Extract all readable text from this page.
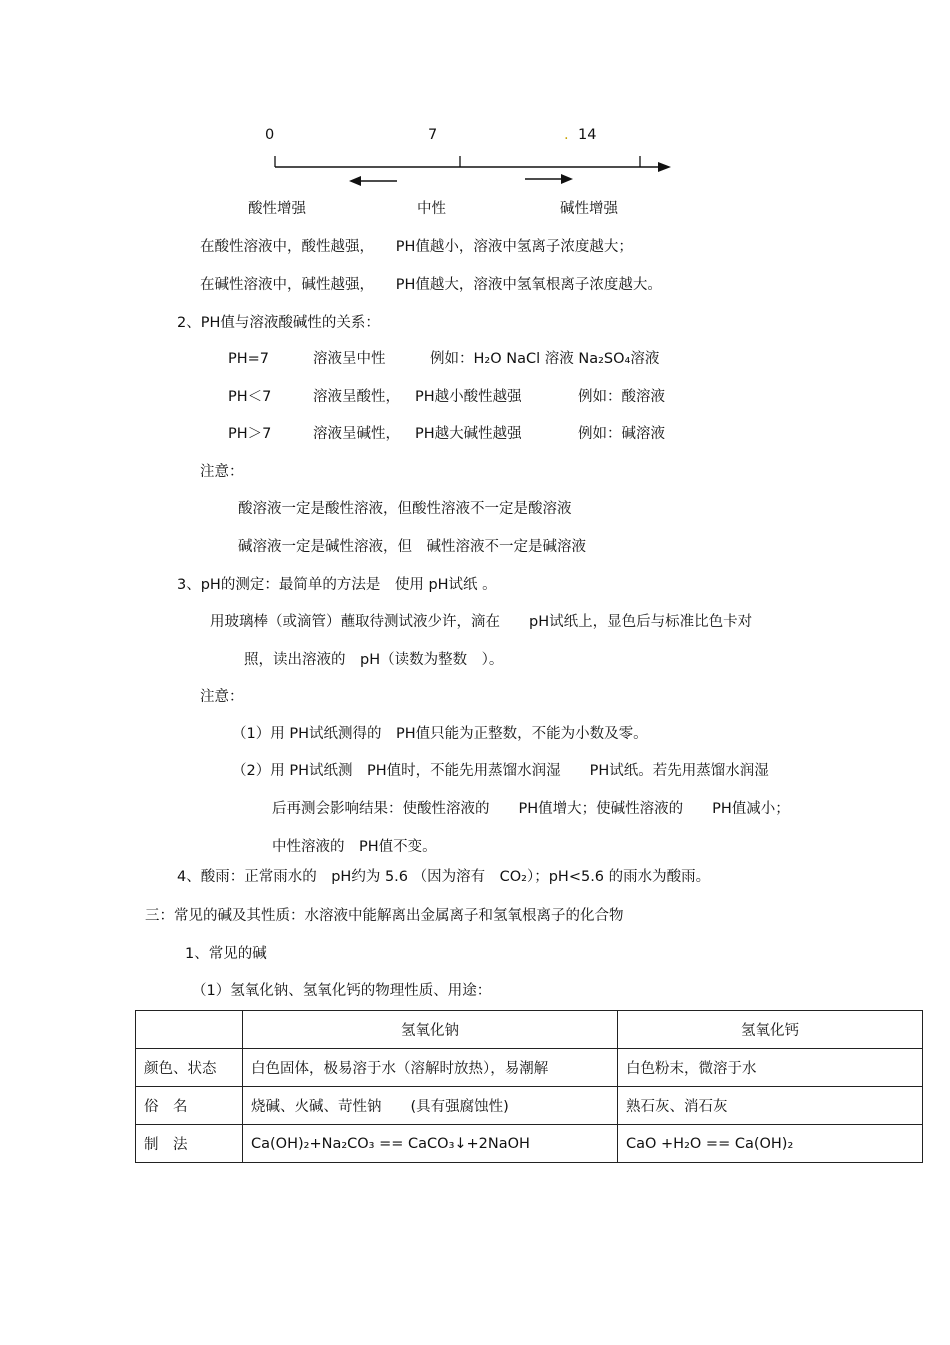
0	7	. 14
酸性增强	中性	碱性增强
在酸性溶液中，酸性越强，　　PH值越小，溶液中氢离子浓度越大；
在碱性溶液中，碱性越强，　　PH值越大，溶液中氢氧根离子浓度越大。
2、PH值与溶液酸碱性的关系：
PH=7	溶液呈中性	例如：H₂O NaCl 溶液 Na₂SO₄溶液
PH＜7	溶液呈酸性， PH越小酸性越强	例如：酸溶液
PH＞7	溶液呈碱性， PH越大碱性越强	例如：碱溶液
注意：
酸溶液一定是酸性溶液，但酸性溶液不一定是酸溶液
碱溶液一定是碱性溶液，但　碱性溶液不一定是碱溶液
3、pH的测定：最简单的方法是　使用 pH试纸 。
用玻璃棒（或滴管）蘸取待测试液少许，滴在　　pH试纸上，显色后与标准比色卡对
照，读出溶液的　pH（读数为整数　）。
注意：
（1）用 PH试纸测得的　PH值只能为正整数，不能为小数及零。
（2）用 PH试纸测　PH值时，不能先用蒸馏水润湿　　PH试纸。若先用蒸馏水润湿
后再测会影响结果：使酸性溶液的　　PH值增大；使碱性溶液的　　PH值减小；
中性溶液的　PH值不变。
4、酸雨：正常雨水的　pH约为 5.6 （因为溶有　CO₂）；pH<5.6 的雨水为酸雨。
三：常见的碱及其性质：水溶液中能解离出金属离子和氢氧根离子的化合物
1、常见的碱
（1）氢氧化钠、氢氧化钙的物理性质、用途：
	氢氧化钠	氢氧化钙
颜色、状态	白色固体，极易溶于水（溶解时放热），易潮解	白色粉末，微溶于水
俗　名	烧碱、火碱、苛性钠　　(具有强腐蚀性)	熟石灰、消石灰
制　法	Ca(OH)₂+Na₂CO₃ == CaCO₃↓+2NaOH	CaO +H₂O == Ca(OH)₂
